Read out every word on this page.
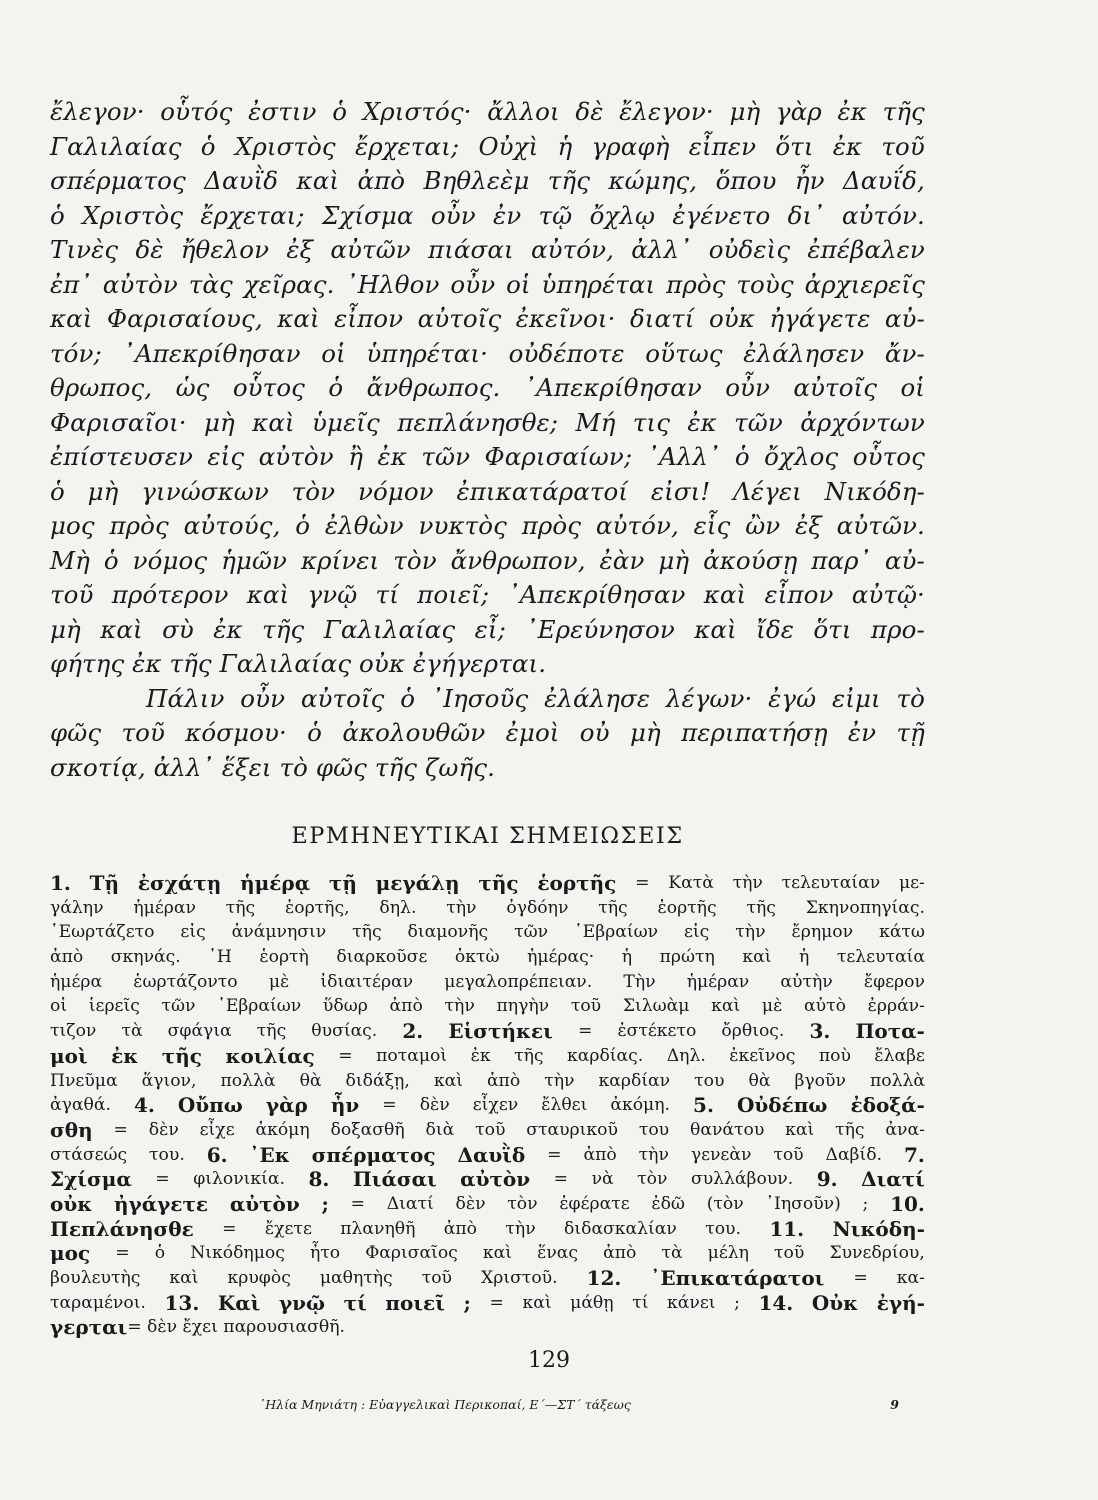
ἔλεγον· οὗτός ἐστιν ὁ Χριστός· ἄλλοι δὲ ἔλεγον· μὴ γὰρ ἐκ τῆς
Γαλιλαίας ὁ Χριστὸς ἔρχεται; Οὐχὶ ἡ γραφὴ εἶπεν ὅτι ἐκ τοῦ
σπέρματος Δαυῒδ καὶ ἀπὸ Βηθλεὲμ τῆς κώμης, ὅπου ἦν Δαυΐδ,
ὁ Χριστὸς ἔρχεται; Σχίσμα οὖν ἐν τῷ ὄχλῳ ἐγένετο δι᾿ αὐτόν.
Τινὲς δὲ ἤθελον ἐξ αὐτῶν πιάσαι αὐτόν, ἀλλ᾿ οὐδεὶς ἐπέβαλεν
ἐπ᾿ αὐτὸν τὰς χεῖρας. ᾿Ηλθον οὖν οἱ ὑπηρέται πρὸς τοὺς ἀρχιερεῖς
καὶ Φαρισαίους, καὶ εἶπον αὐτοῖς ἐκεῖνοι· διατί οὐκ ἠγάγετε αὐ-
τόν; ᾿Απεκρίθησαν οἱ ὑπηρέται· οὐδέποτε οὕτως ἐλάλησεν ἄν-
θρωπος, ὡς οὗτος ὁ ἄνθρωπος. ᾿Απεκρίθησαν οὖν αὐτοῖς οἱ
Φαρισαῖοι· μὴ καὶ ὑμεῖς πεπλάνησθε; Μή τις ἐκ τῶν ἀρχόντων
ἐπίστευσεν εἰς αὐτὸν ἢ ἐκ τῶν Φαρισαίων; ᾿Αλλ᾿ ὁ ὄχλος οὗτος
ὁ μὴ γινώσκων τὸν νόμον ἐπικατάρατοί εἰσι! Λέγει Νικόδη-
μος πρὸς αὐτούς, ὁ ἐλθὼν νυκτὸς πρὸς αὐτόν, εἷς ὢν ἐξ αὐτῶν.
Μὴ ὁ νόμος ἡμῶν κρίνει τὸν ἄνθρωπον, ἐὰν μὴ ἀκούσῃ παρ᾿ αὐ-
τοῦ πρότερον καὶ γνῷ τί ποιεῖ; ᾿Απεκρίθησαν καὶ εἶπον αὐτῷ·
μὴ καὶ σὺ ἐκ τῆς Γαλιλαίας εἶ; ᾿Ερεύνησον καὶ ἴδε ὅτι προ-
φήτης ἐκ τῆς Γαλιλαίας οὐκ ἐγήγερται.
Πάλιν οὖν αὐτοῖς ὁ ᾿Ιησοῦς ἐλάλησε λέγων· ἐγώ εἰμι τὸ
φῶς τοῦ κόσμου· ὁ ἀκολουθῶν ἐμοὶ οὐ μὴ περιπατήσῃ ἐν τῇ
σκοτίᾳ, ἀλλ᾿ ἕξει τὸ φῶς τῆς ζωῆς.
ΕΡΜΗΝΕΥΤΙΚΑΙ ΣΗΜΕΙΩΣΕΙΣ
1. Τῇ ἐσχάτῃ ἡμέρᾳ τῇ μεγάλῃ τῆς ἑορτῆς = Κατὰ τὴν τελευταίαν με-
γάλην ἡμέραν τῆς ἑορτῆς, δηλ. τὴν ὀγδόην τῆς ἑορτῆς τῆς Σκηνοπηγίας.
῾Εωρτάζετο εἰς ἀνάμνησιν τῆς διαμονῆς τῶν ῾Εβραίων εἰς τὴν ἔρημον κάτω
ἀπὸ σκηνάς. ῾Η ἑορτὴ διαρκοῦσε ὀκτὼ ἡμέρας· ἡ πρώτη καὶ ἡ τελευταία
ἡμέρα ἑωρτάζοντο μὲ ἰδιαιτέραν μεγαλοπρέπειαν. Τὴν ἡμέραν αὐτὴν ἔφερον
οἱ ἱερεῖς τῶν ῾Εβραίων ὕδωρ ἀπὸ τὴν πηγὴν τοῦ Σιλωὰμ καὶ μὲ αὐτὸ ἐρράν-
τιζον τὰ σφάγια τῆς θυσίας. 2. Εἱστήκει = ἐστέκετο ὄρθιος. 3. Ποτα-
μοὶ ἐκ τῆς κοιλίας = ποταμοὶ ἐκ τῆς καρδίας. Δηλ. ἐκεῖνος ποὺ ἔλαβε
Πνεῦμα ἅγιον, πολλὰ θὰ διδάξῃ, καὶ ἀπὸ τὴν καρδίαν του θὰ βγοῦν πολλὰ
ἀγαθά. 4. Οὔπω γὰρ ἦν = δὲν εἶχεν ἔλθει ἀκόμη. 5. Οὐδέπω ἐδοξά-
σθη = δὲν εἶχε ἀκόμη δοξασθῆ διὰ τοῦ σταυρικοῦ του θανάτου καὶ τῆς ἀνα-
στάσεώς του. 6. ᾿Εκ σπέρματος Δαυῒδ = ἀπὸ τὴν γενεὰν τοῦ Δαβίδ. 7.
Σχίσμα = φιλονικία. 8. Πιάσαι αὐτὸν = νὰ τὸν συλλάβουν. 9. Διατί
οὐκ ἠγάγετε αὐτὸν ; = Διατί δὲν τὸν ἐφέρατε ἐδῶ (τὸν ᾿Ιησοῦν) ; 10.
Πεπλάνησθε = ἔχετε πλανηθῆ ἀπὸ τὴν διδασκαλίαν του. 11. Νικόδη-
μος = ὁ Νικόδημος ἦτο Φαρισαῖος καὶ ἕνας ἀπὸ τὰ μέλη τοῦ Συνεδρίου,
βουλευτὴς καὶ κρυφὸς μαθητὴς τοῦ Χριστοῦ. 12. ᾿Επικατάρατοι = κα-
ταραμένοι. 13. Καὶ γνῷ τί ποιεῖ ; = καὶ μάθῃ τί κάνει ; 14. Οὐκ ἐγή-
γερται = δὲν ἔχει παρουσιασθῆ.
129
᾿Ηλία Μηνιάτη : Εὐαγγελικαὶ Περικοπαί, Ε΄—ΣΤ΄ τάξεως	9
